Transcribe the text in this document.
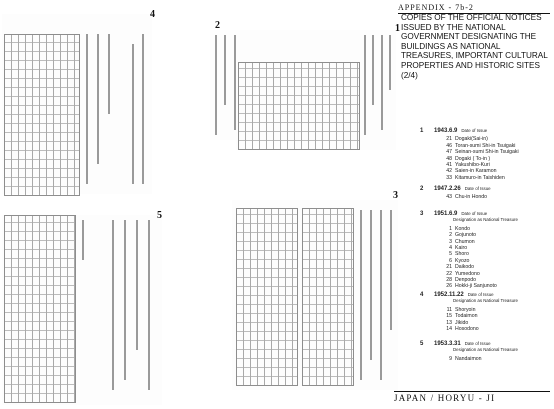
4
2	1
5
3
APPENDIX - 7b-2
COPIES OF THE OFFICIAL NOTICES ISSUED BY THE NATIONAL GOVERNMENT DESIGNATING THE BUILDINGS AS NATIONAL TREASURES, IMPORTANT CULTURAL PROPERTIES AND HISTORIC SITES (2/4)
1	1943.6.9 Date of Issue
21 Dogaki(Sai-in)
46 Toran-sumi Shi-in Tsuigaki
47 Seinan-sumi Shi-in Tsuigaki
48 Dogaki ( To-in )
41 Yakushibo-Kuri
42 Saien-in Karamon
33 Kitamuro-in Taishiden
2	1947.2.26 Date of Issue
43 Chu-in Hondo
3	1951.6.9 Date of Issue
Designation as National Treasure
1 Kondo
2 Gojunoto
3 Chumon
4 Kairo
5 Shoro
6 Kyozo
21 Daikodo
22 Yumedono
28 Denpodo
26 Hokki-ji Sanjunoto
4	1952.11.22 Date of Issue
Designation as National Treasure
11 Shoryoin
15 Todaimon
13 Jikido
14 Hosodono
5	1953.3.31 Date of Issue
Designation as National Treasure
9 Nandaimon
JAPAN / HORYU - JI
